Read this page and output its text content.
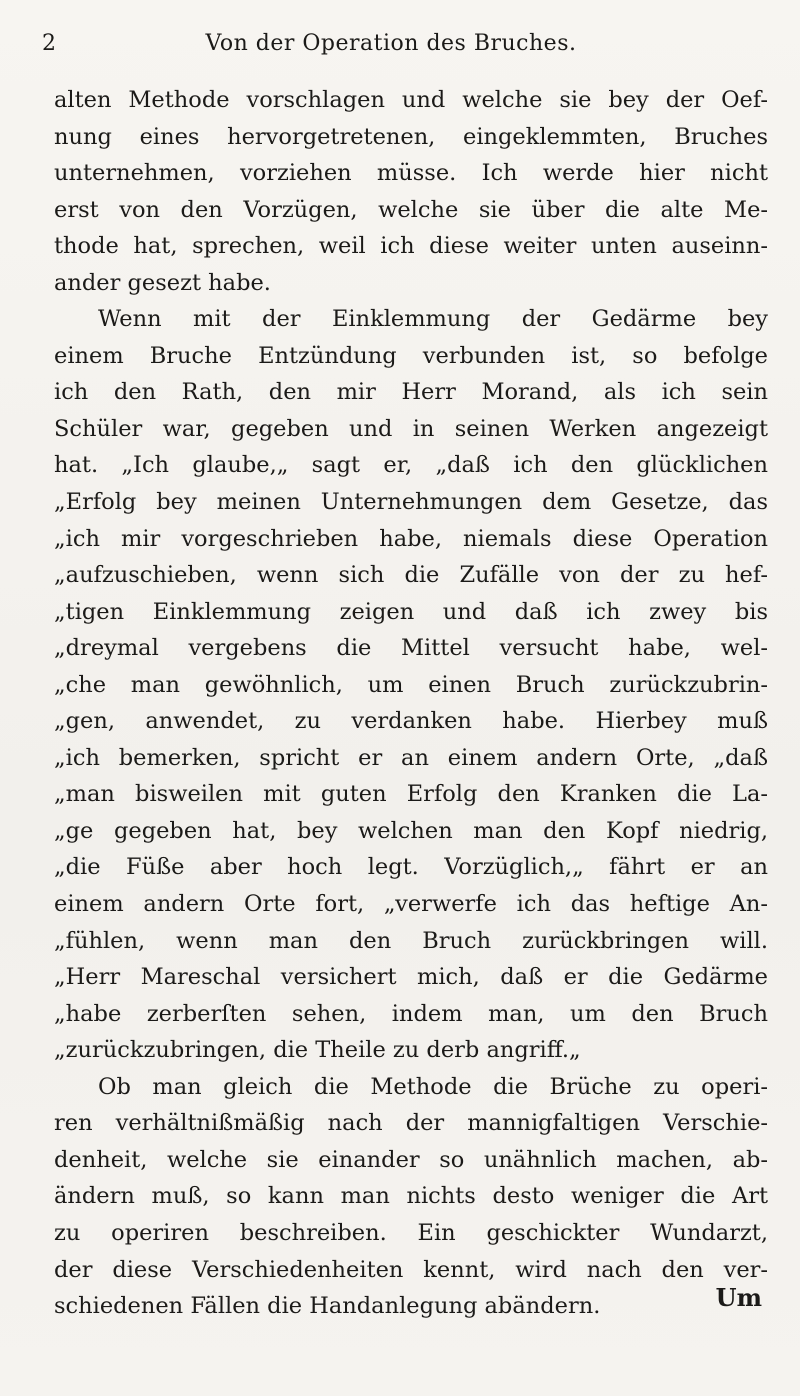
2	Von der Operation des Bruches.
alten Methode vorschlagen und welche sie bey der Oef-
nung eines hervorgetretenen, eingeklemmten, Bruches
unternehmen, vorziehen müsse. Ich werde hier nicht
erst von den Vorzügen, welche sie über die alte Me-
thode hat, sprechen, weil ich diese weiter unten auseinn-
ander gesezt habe.
Wenn mit der Einklemmung der Gedärme bey
einem Bruche Entzündung verbunden ist, so befolge
ich den Rath, den mir Herr Morand, als ich sein
Schüler war, gegeben und in seinen Werken angezeigt
hat. „Ich glaube,„ sagt er, „daß ich den glücklichen
„Erfolg bey meinen Unternehmungen dem Gesetze, das
„ich mir vorgeschrieben habe, niemals diese Operation
„aufzuschieben, wenn sich die Zufälle von der zu hef-
„tigen Einklemmung zeigen und daß ich zwey bis
„dreymal vergebens die Mittel versucht habe, wel-
„che man gewöhnlich, um einen Bruch zurückzubrin-
„gen, anwendet, zu verdanken habe. Hierbey muß
„ich bemerken, spricht er an einem andern Orte, „daß
„man bisweilen mit guten Erfolg den Kranken die La-
„ge gegeben hat, bey welchen man den Kopf niedrig,
„die Füße aber hoch legt. Vorzüglich,„ fährt er an
einem andern Orte fort, „verwerfe ich das heftige An-
„fühlen, wenn man den Bruch zurückbringen will.
„Herr Mareschal versichert mich, daß er die Gedärme
„habe zerberſten sehen, indem man, um den Bruch
„zurückzubringen, die Theile zu derb angriff.„
Ob man gleich die Methode die Brüche zu operi-
ren verhältnißmäßig nach der mannigfaltigen Verschie-
denheit, welche sie einander so unähnlich machen, ab-
ändern muß, so kann man nichts desto weniger die Art
zu operiren beschreiben. Ein geschickter Wundarzt,
der diese Verschiedenheiten kennt, wird nach den ver-
schiedenen Fällen die Handanlegung abändern.	Um
